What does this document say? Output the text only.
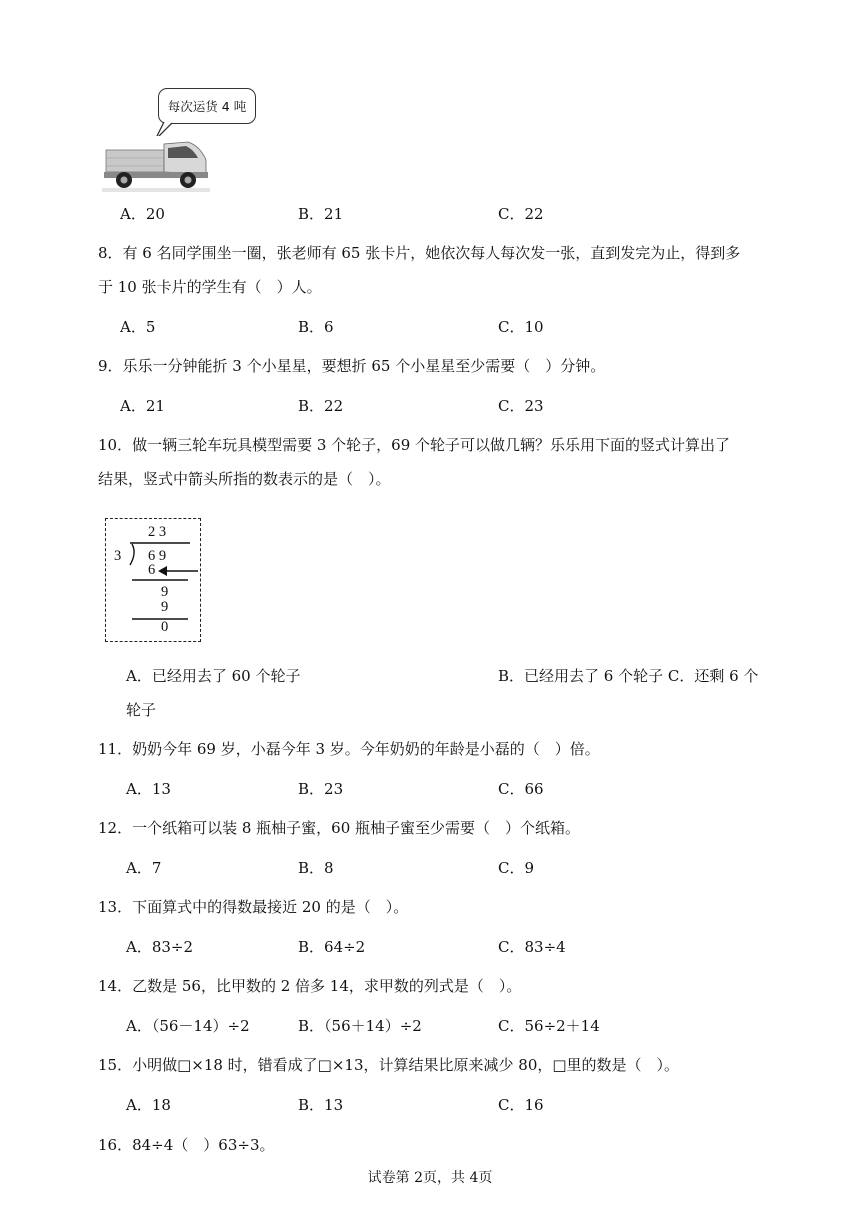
每次运货 4 吨
A．20	B．21	C．22
8．有 6 名同学围坐一圈，张老师有 65 张卡片，她依次每人每次发一张，直到发完为止，得到多
于 10 张卡片的学生有（　）人。
A．5	B．6	C．10
9．乐乐一分钟能折 3 个小星星，要想折 65 个小星星至少需要（　）分钟。
A．21	B．22	C．23
10．做一辆三轮车玩具模型需要 3 个轮子，69 个轮子可以做几辆？乐乐用下面的竖式计算出了
结果，竖式中箭头所指的数表示的是（　）。
2 3
3 6 9
6
9
9
0
A．已经用去了 60 个轮子	B．已经用去了 6 个轮子 C．还剩 6 个
轮子
11．奶奶今年 69 岁，小磊今年 3 岁。今年奶奶的年龄是小磊的（　）倍。
A．13	B．23	C．66
12．一个纸箱可以装 8 瓶柚子蜜，60 瓶柚子蜜至少需要（　）个纸箱。
A．7	B．8	C．9
13．下面算式中的得数最接近 20 的是（　）。
A．83÷2	B．64÷2	C．83÷4
14．乙数是 56，比甲数的 2 倍多 14，求甲数的列式是（　）。
A．（56－14）÷2	B．（56＋14）÷2	C．56÷2＋14
15．小明做□×18 时，错看成了□×13，计算结果比原来减少 80，□里的数是（　）。
A．18	B．13	C．16
16．84÷4（　）63÷3。
试卷第 2页，共 4页
